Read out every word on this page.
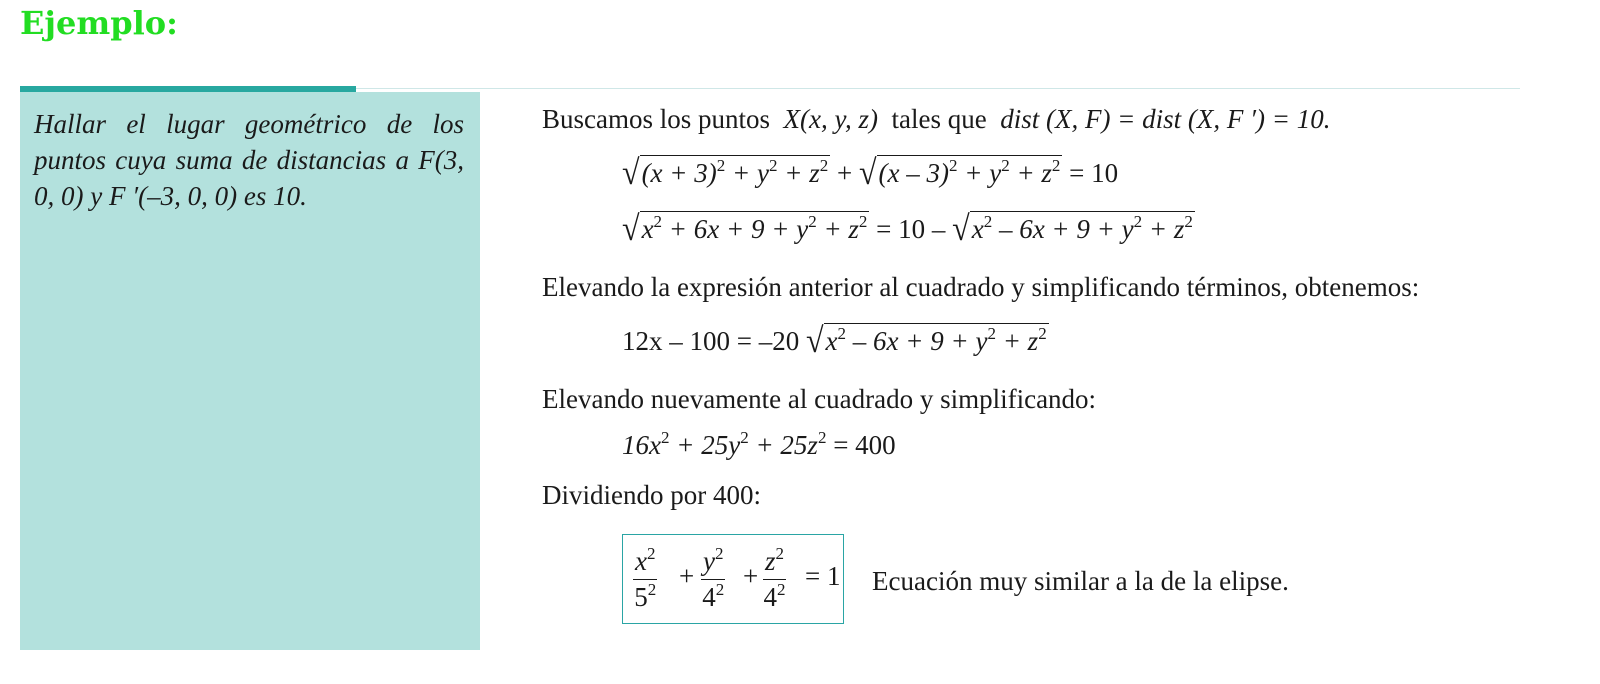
Ejemplo:

Hallar el lugar geométrico de los puntos cuya suma de distancias a F(3, 0, 0) y F ′(–3, 0, 0) es 10.

Buscamos los puntos X(x, y, z) tales que dist (X, F) = dist (X, F ′) = 10.
$√(x + 3)^2 + y^2 + z^2 + √(x - 3)^2 + y^2 + z^2 = 10$
$√x^2 + 6x + 9 + y^2 + z^2 = 10 - √x^2 - 6x + 9 + y^2 + z^2$
Elevando la expresión anterior al cuadrado y simplificando términos, obtenemos:
12x – 100 = –20 $√x^2 - 6x + 9 + y^2 + z^2$
Elevando nuevamente al cuadrado y simplificando:
$16x^2 + 25y^2 + 25z^2 = 400$
Dividiendo por 400:
$\frac{x^2}{5^2} + \frac{y^2}{4^2} + \frac{z^2}{4^2} = 1$ Ecuación muy similar a la de la elipse.
